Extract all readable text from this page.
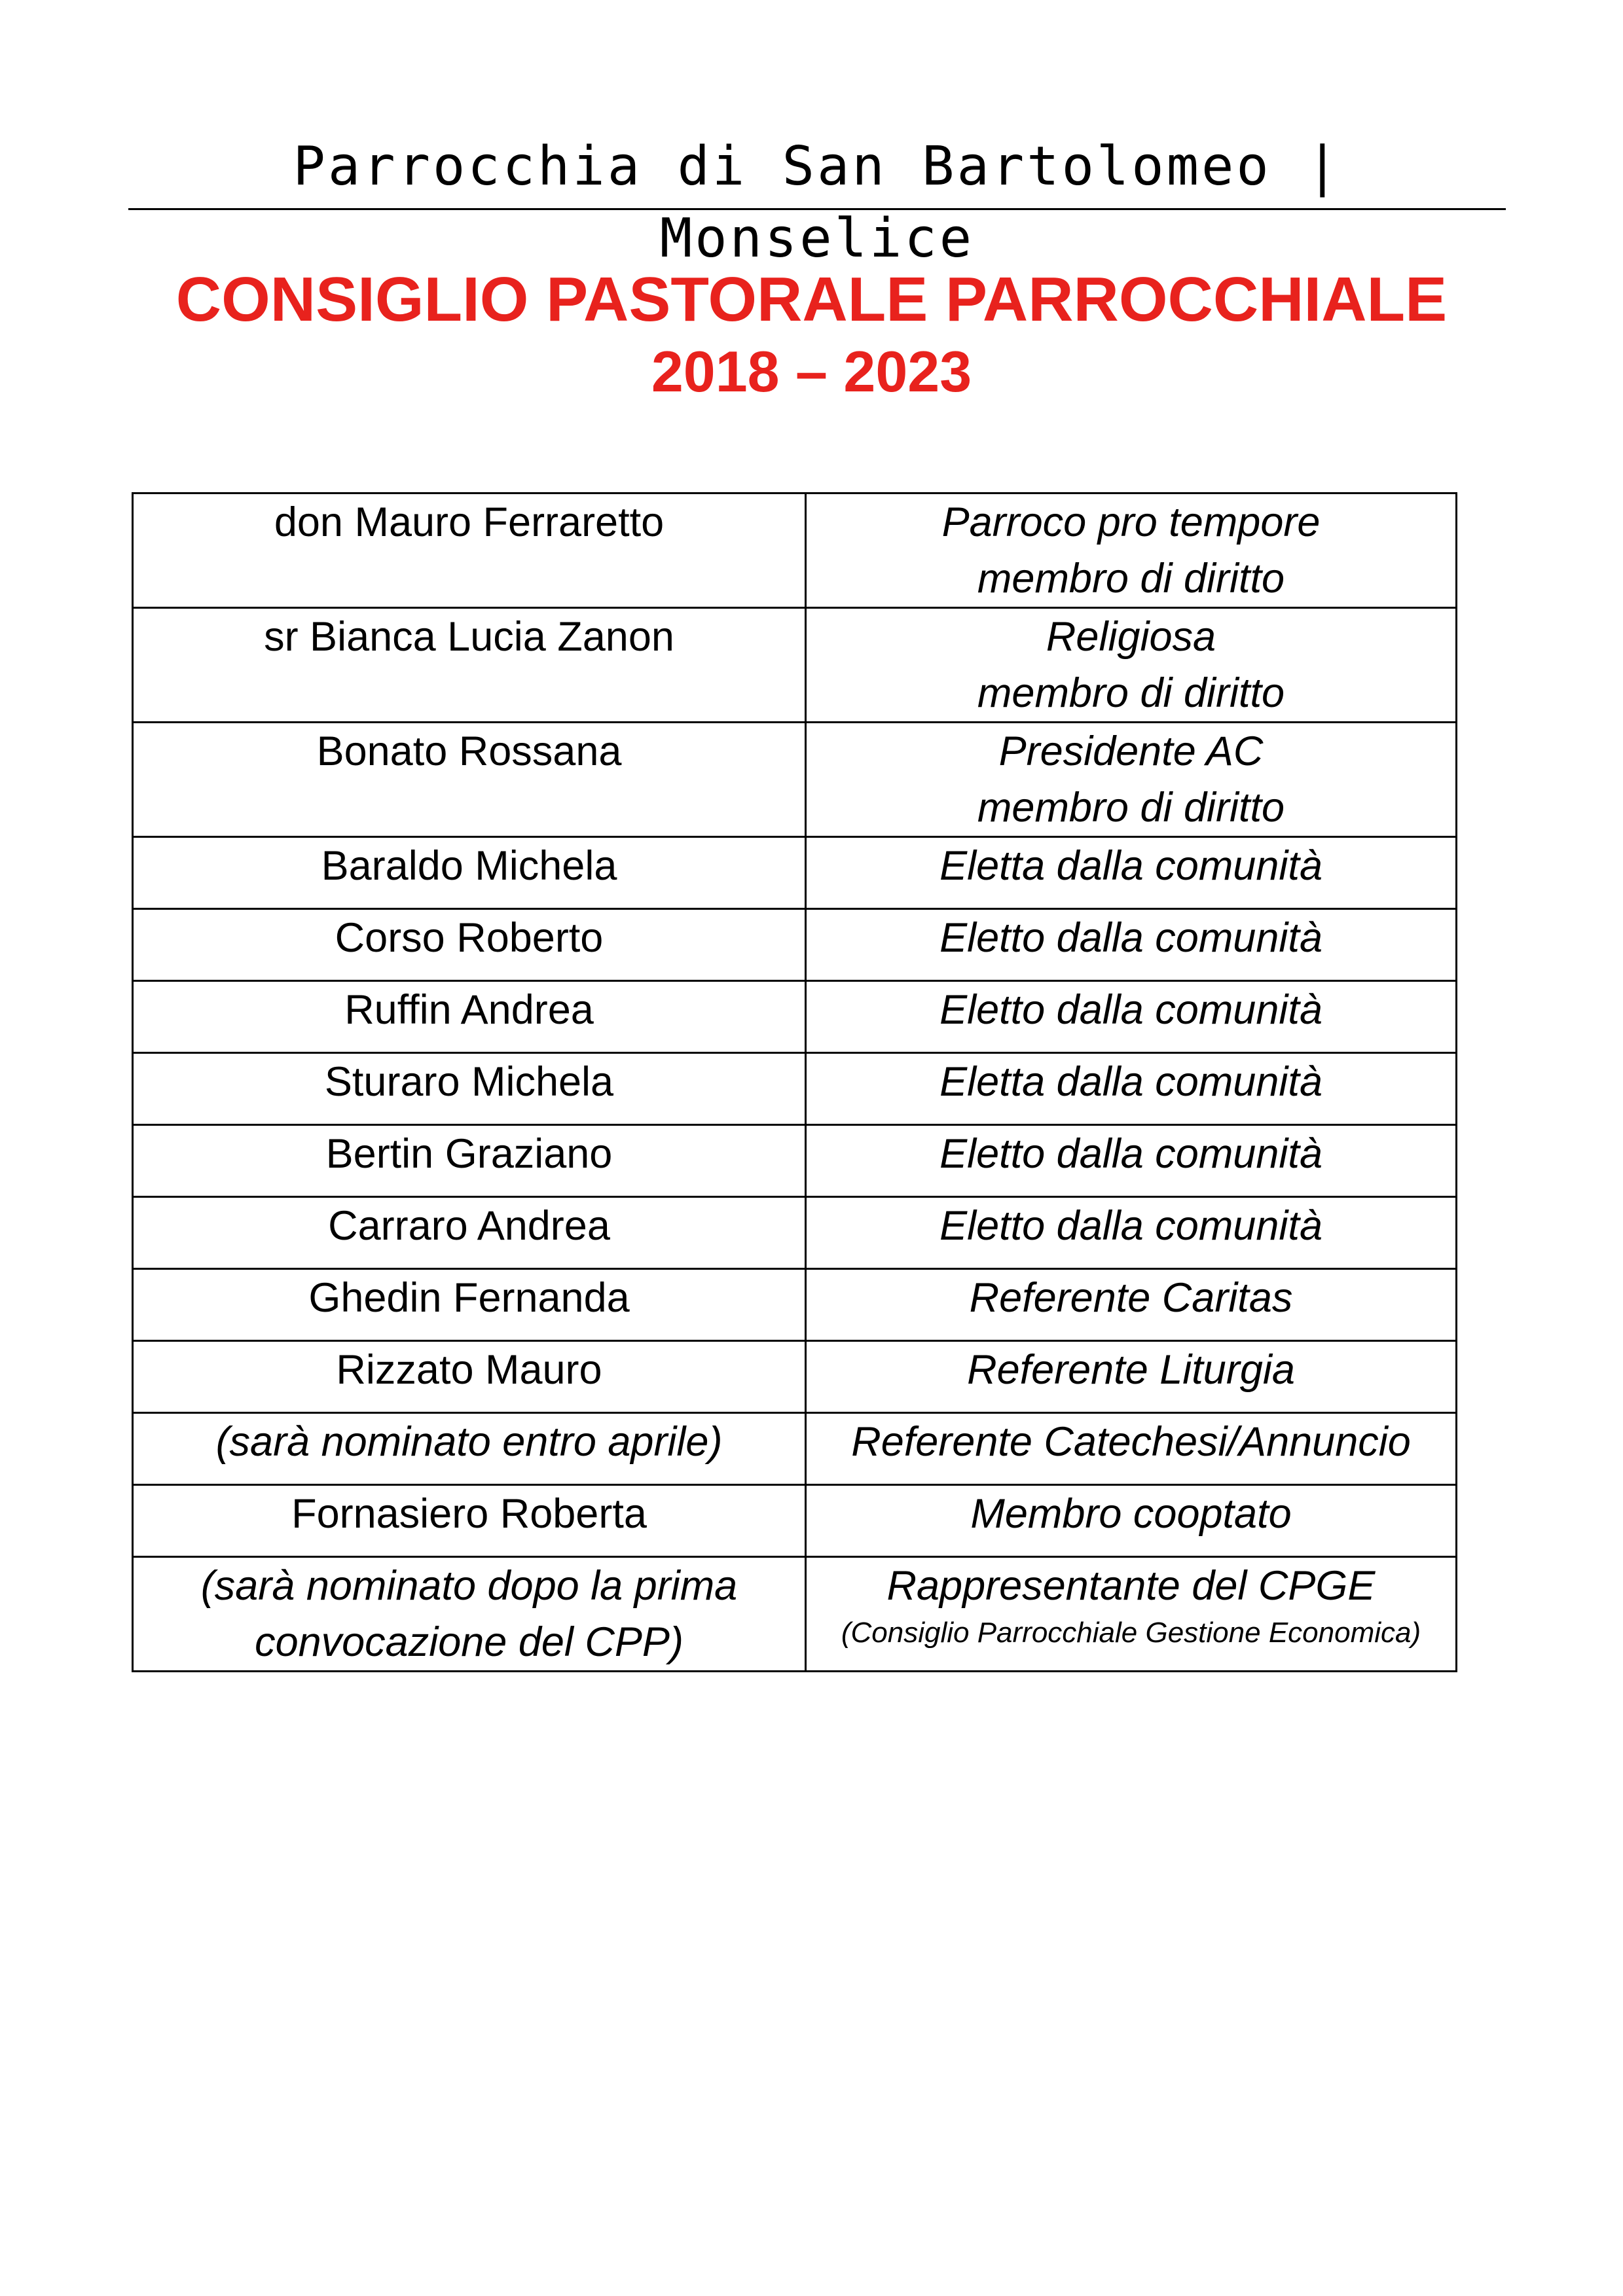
Parrocchia di San Bartolomeo | Monselice
CONSIGLIO PASTORALE PARROCCHIALE
2018 – 2023
don Mauro Ferraretto	Parroco pro tempore
membro di diritto

sr Bianca Lucia Zanon	Religiosa
membro di diritto

Bonato Rossana	Presidente AC
membro di diritto

Baraldo Michela	Eletta dalla comunità
Corso Roberto	Eletto dalla comunità
Ruffin Andrea	Eletto dalla comunità
Sturaro Michela	Eletta dalla comunità
Bertin Graziano	Eletto dalla comunità
Carraro Andrea	Eletto dalla comunità
Ghedin Fernanda	Referente Caritas
Rizzato Mauro	Referente Liturgia
(sarà nominato entro aprile)	Referente Catechesi/Annuncio
Fornasiero Roberta	Membro cooptato

(sarà nominato dopo la prima
convocazione del CPP)	Rappresentante del CPGE
(Consiglio Parrocchiale Gestione Economica)
